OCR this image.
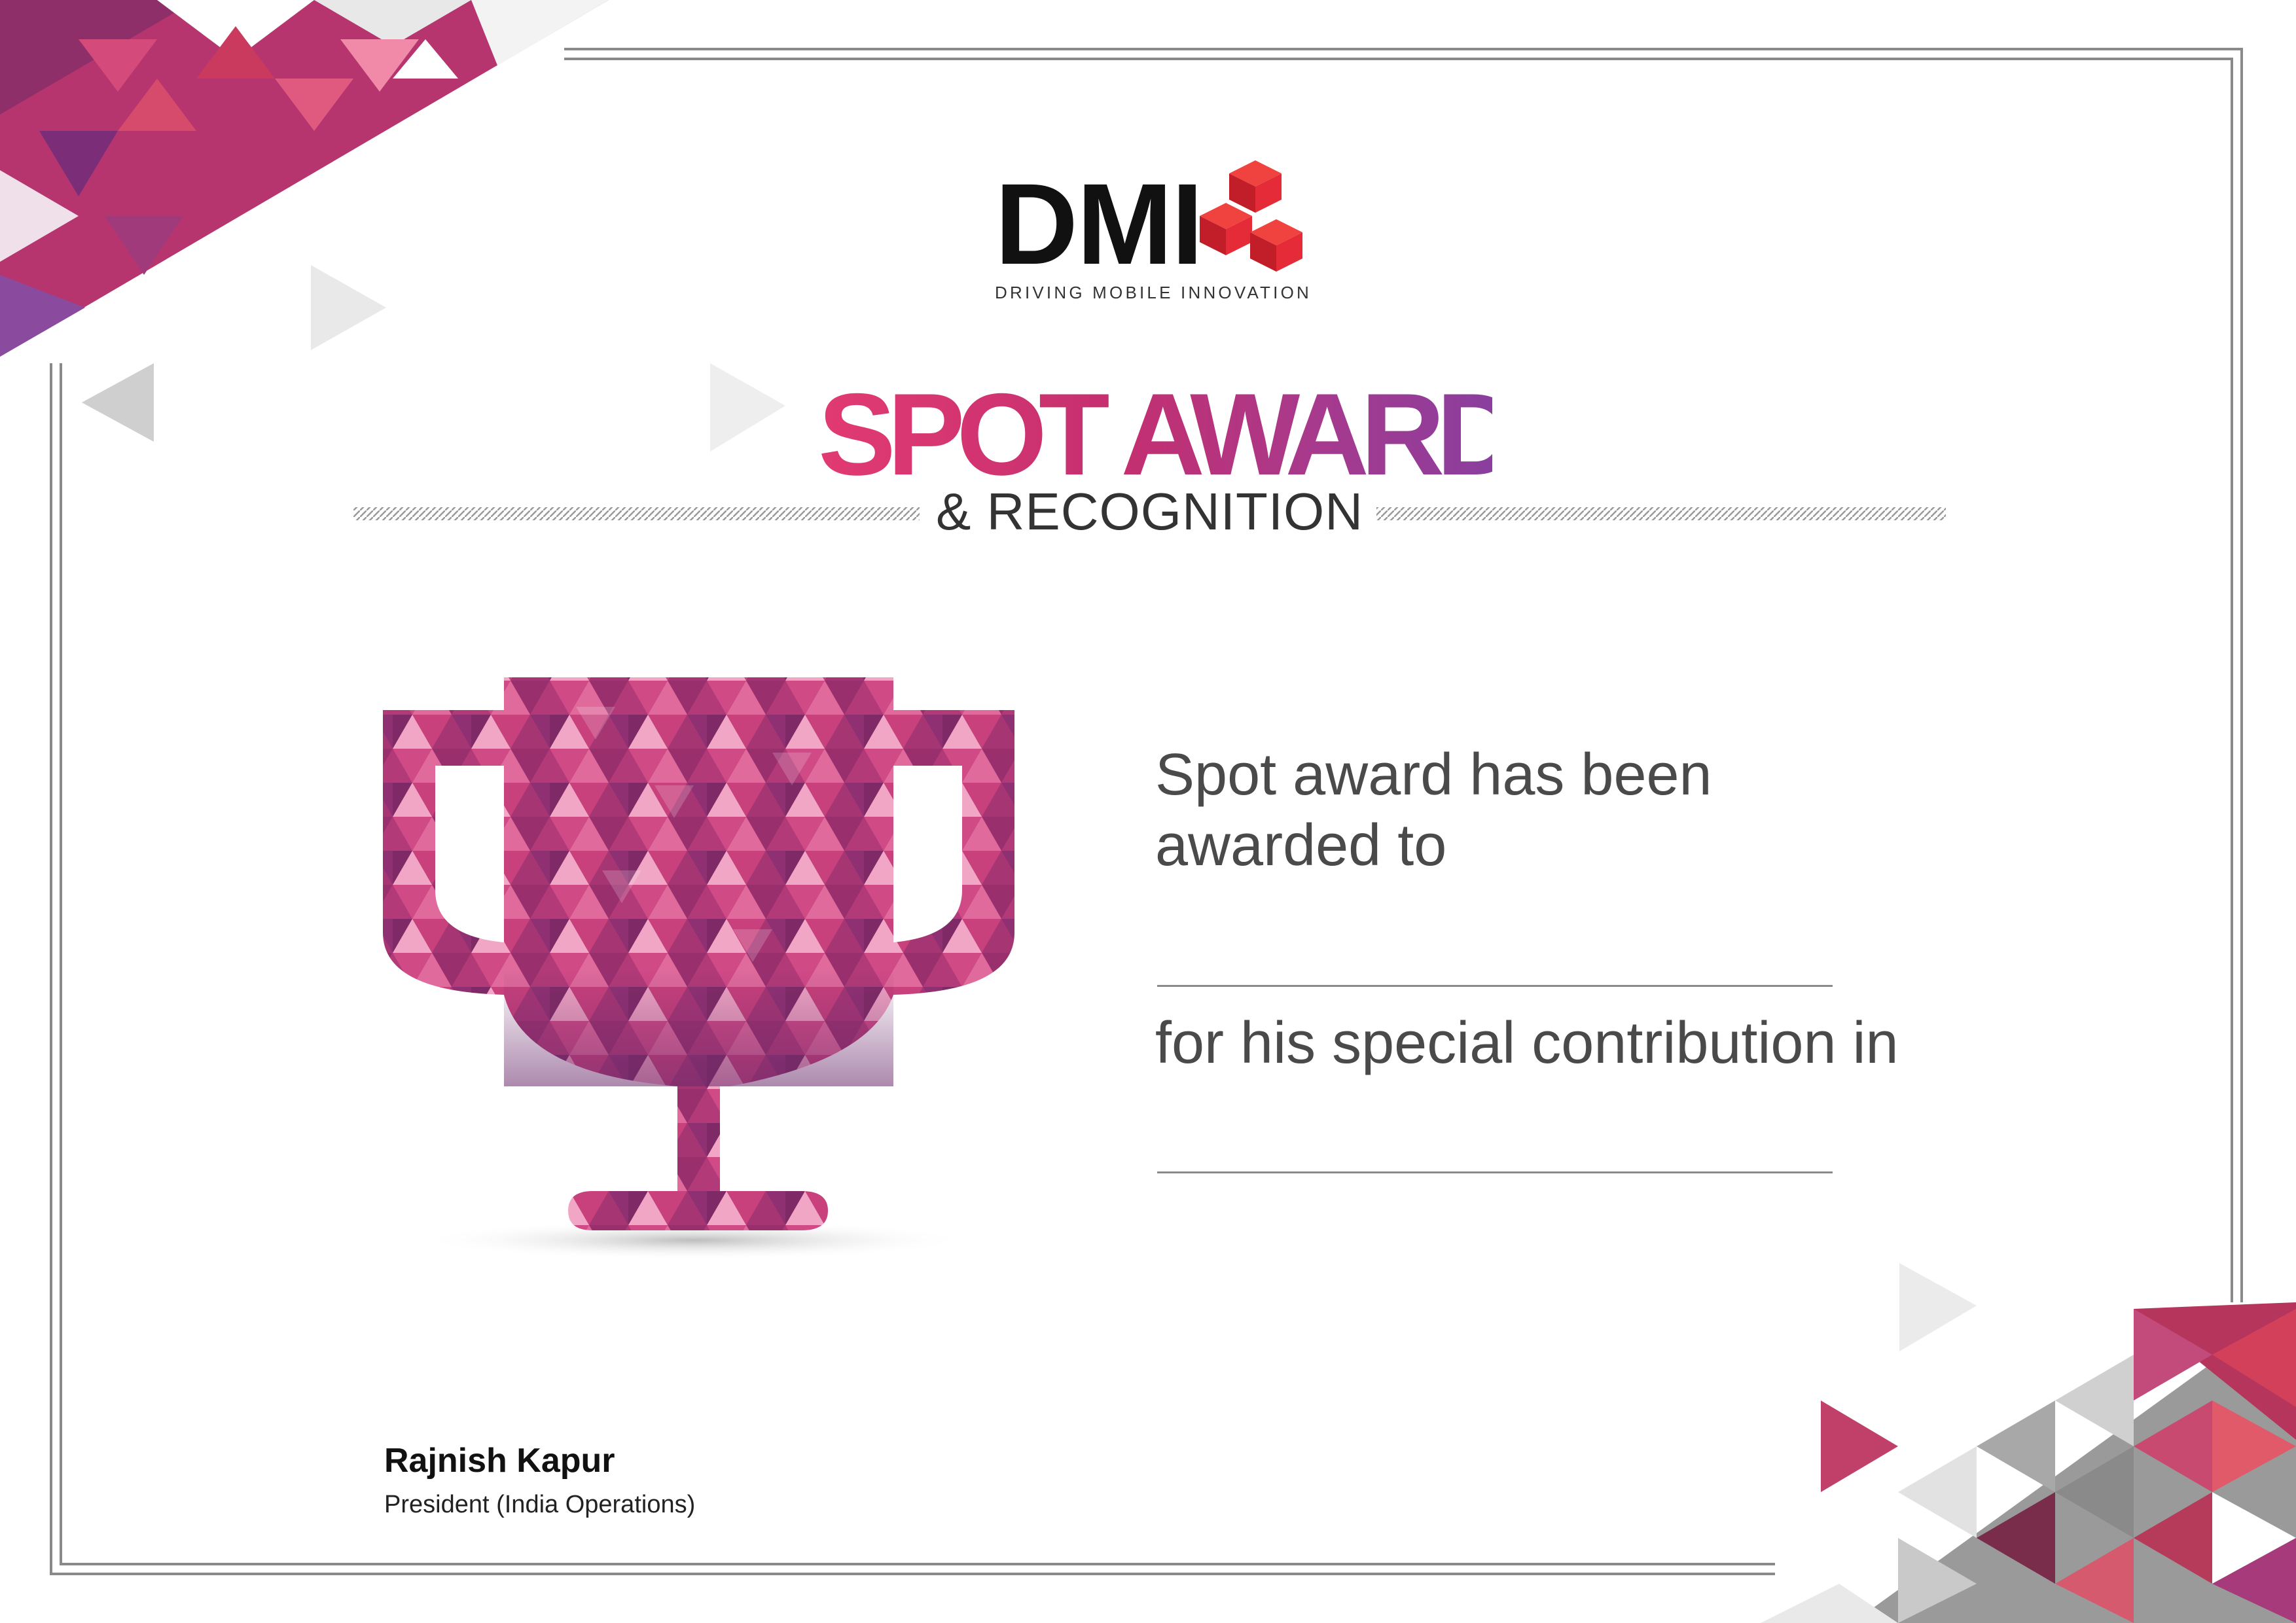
DMI
DRIVING MOBILE INNOVATION
SPOT AWARD
& RECOGNITION
Spot award has been awarded to
for his special contribution in
Rajnish Kapur
President (India Operations)
